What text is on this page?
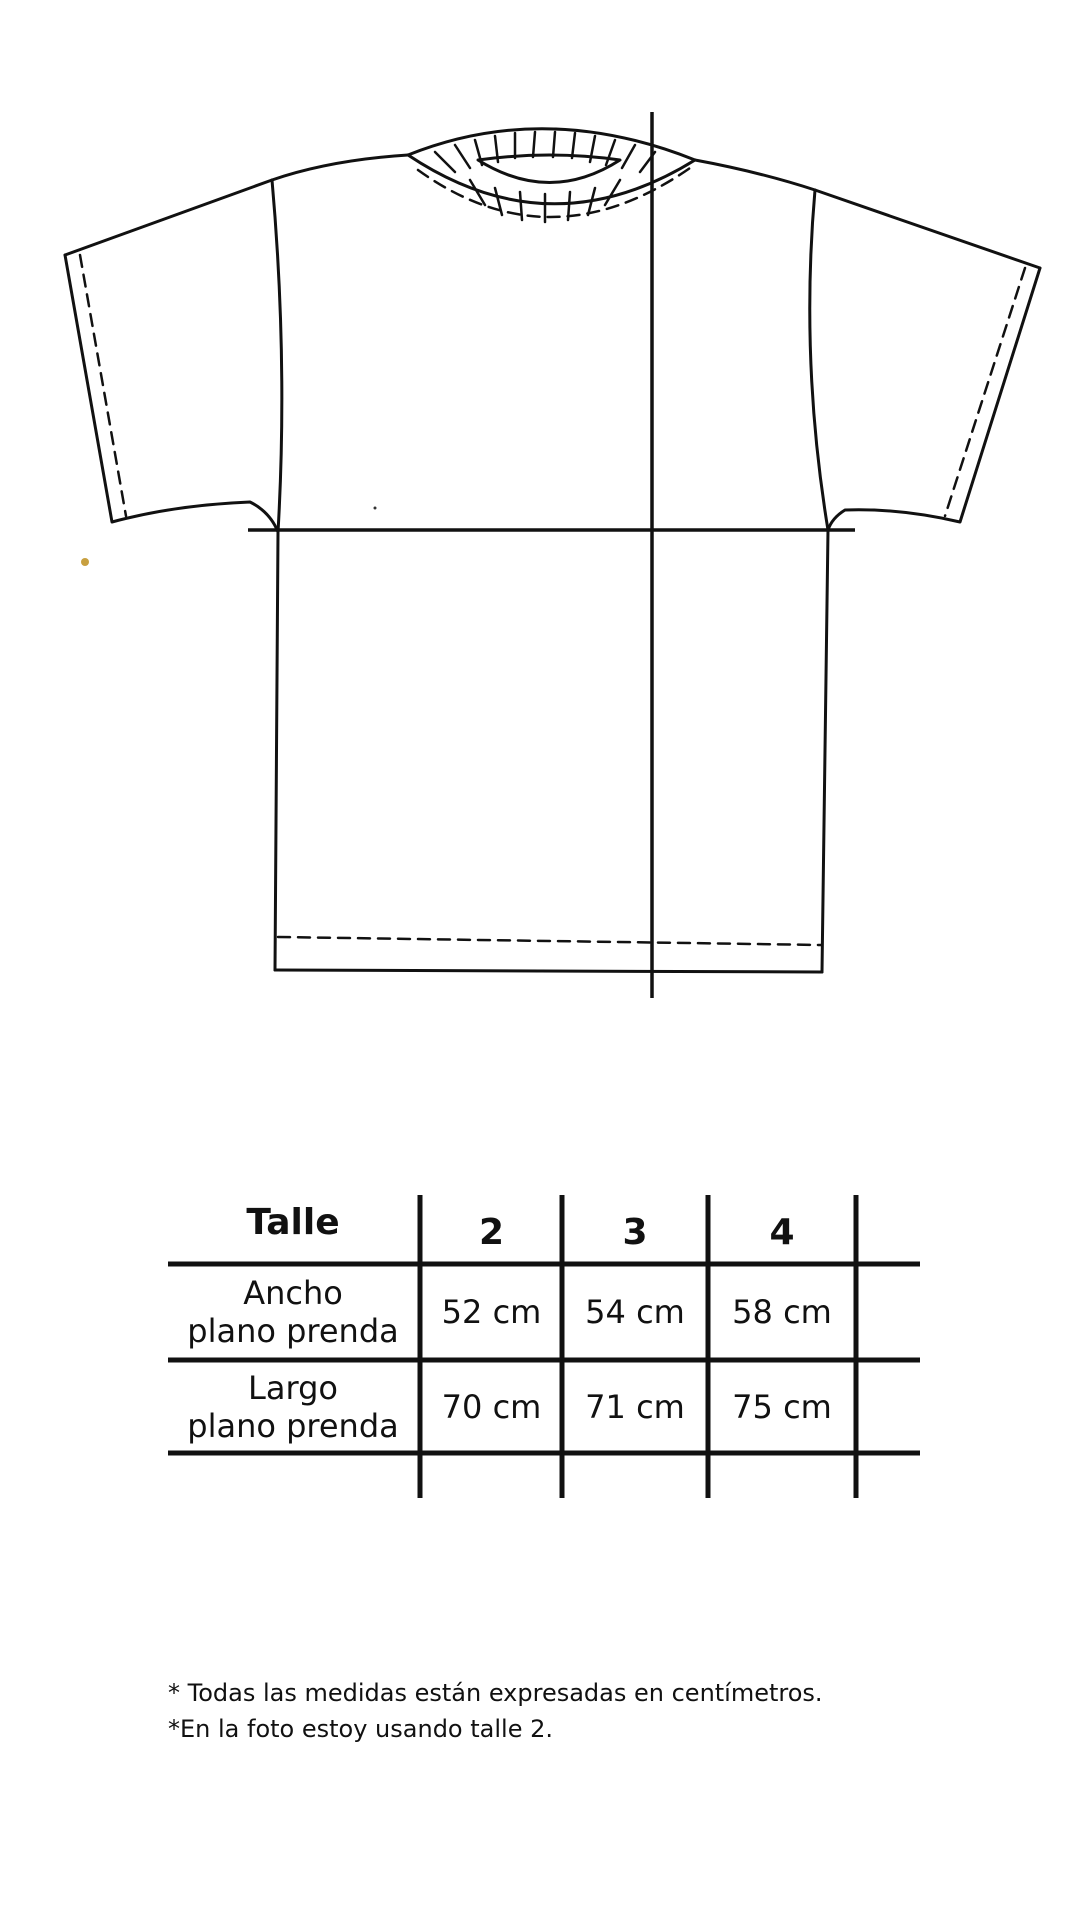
Talle	2	3	4
Ancho
plano prenda
52 cm	54 cm	58 cm
Largo
plano prenda
70 cm	71 cm	75 cm
* Todas las medidas están expresadas en centímetros.
*En la foto estoy usando talle 2.
